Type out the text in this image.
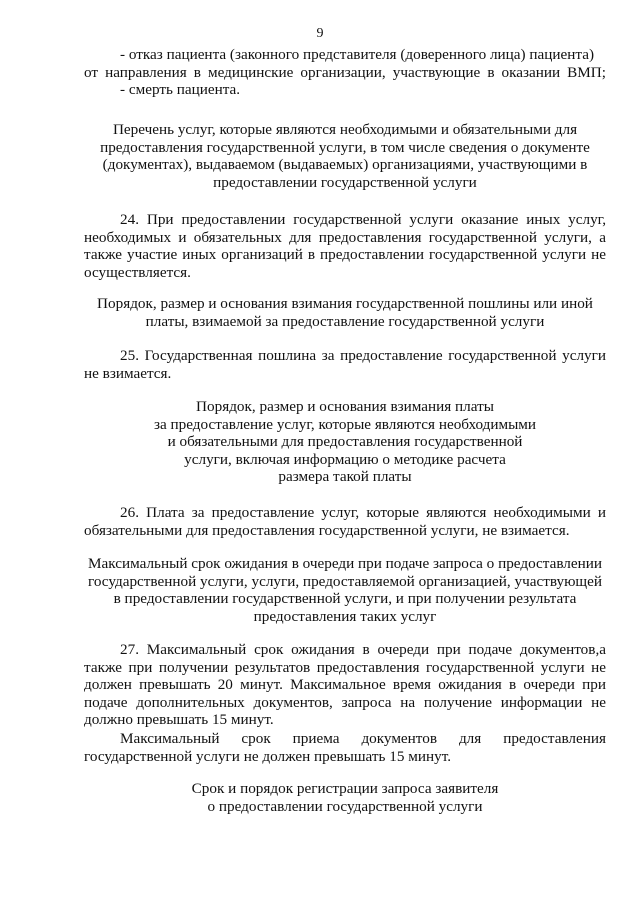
9
- отказ пациента (законного представителя (доверенного лица) пациента)
от направления в медицинские организации, участвующие в оказании ВМП;
- смерть пациента.
Перечень услуг, которые являются необходимыми и обязательными для
предоставления государственной услуги, в том числе сведения о документе
(документах), выдаваемом (выдаваемых) организациями, участвующими в
предоставлении государственной услуги
24. При предоставлении государственной услуги оказание иных услуг,
необходимых и обязательных для предоставления государственной услуги, а
также участие иных организаций в предоставлении государственной услуги не
осуществляется.
Порядок, размер и основания взимания государственной пошлины или иной
платы, взимаемой за предоставление государственной услуги
25. Государственная пошлина за предоставление государственной услуги
не взимается.
Порядок, размер и основания взимания платы
за предоставление услуг, которые являются необходимыми
и обязательными для предоставления государственной
услуги, включая информацию о методике расчета
размера такой платы
26. Плата за предоставление услуг, которые являются необходимыми и
обязательными для предоставления государственной услуги, не взимается.
Максимальный срок ожидания в очереди при подаче запроса о предоставлении
государственной услуги, услуги, предоставляемой организацией, участвующей
в предоставлении государственной услуги, и при получении результата
предоставления таких услуг
27. Максимальный срок ожидания в очереди при подаче документов,а
также при получении результатов предоставления государственной услуги не
должен превышать 20 минут. Максимальное время ожидания в очереди при
подаче дополнительных документов, запроса на получение информации не
должно превышать 15 минут.
Максимальный срок приема документов для предоставления
государственной услуги не должен превышать 15 минут.
Срок и порядок регистрации запроса заявителя
о предоставлении государственной услуги
